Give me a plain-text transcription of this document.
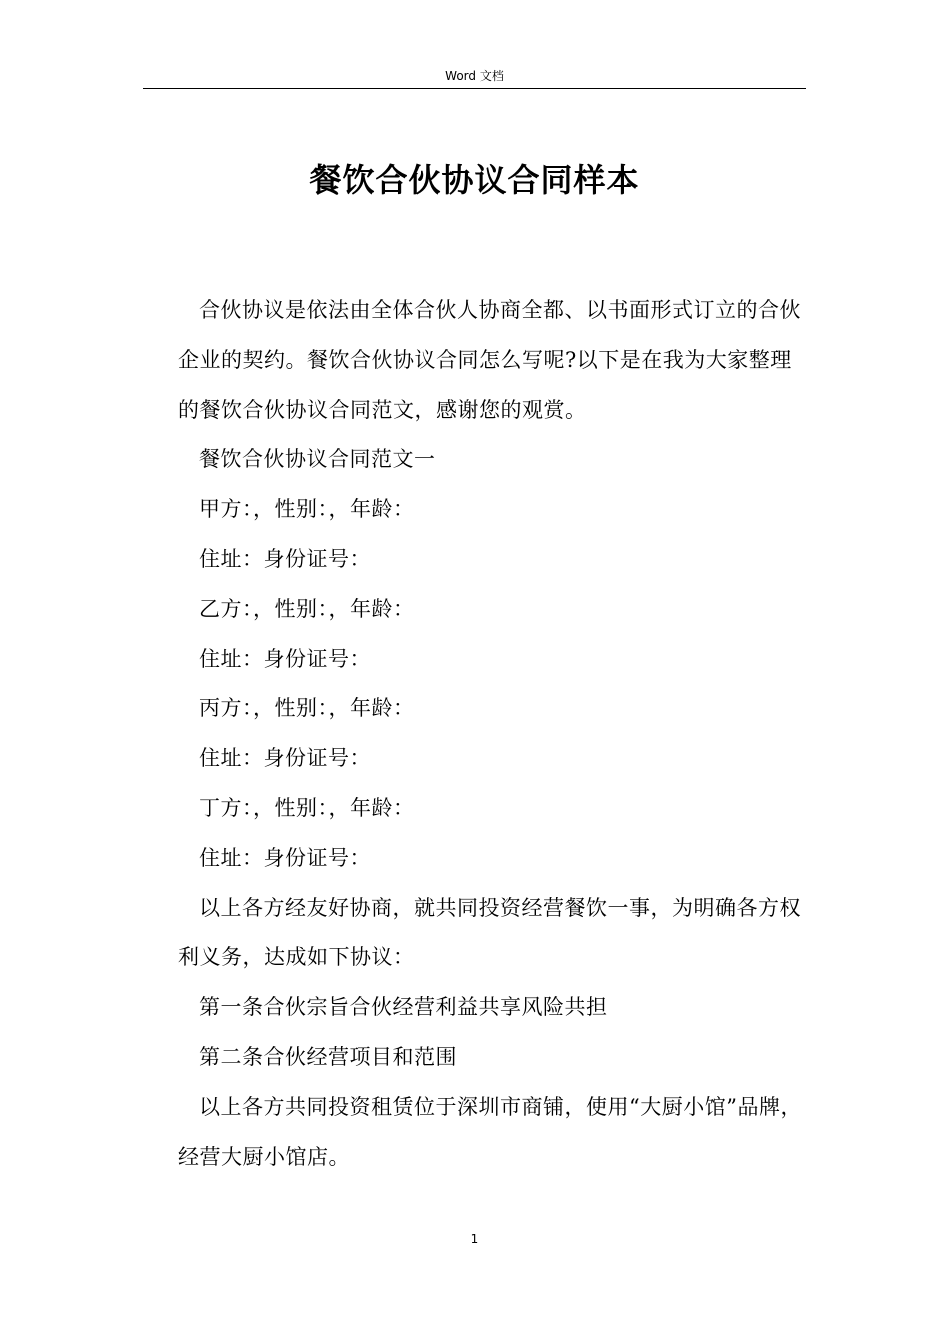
Word 文档
餐饮合伙协议合同样本

合伙协议是依法由全体合伙人协商全都、以书面形式订立的合伙企业的契约。餐饮合伙协议合同怎么写呢?以下是在我为大家整理的餐饮合伙协议合同范文，感谢您的观赏。

餐饮合伙协议合同范文一

甲方：，性别：，年龄：

住址：身份证号：

乙方：，性别：，年龄：

住址：身份证号：

丙方：，性别：，年龄：

住址：身份证号：

丁方：，性别：，年龄：

住址：身份证号：

以上各方经友好协商，就共同投资经营餐饮一事，为明确各方权利义务，达成如下协议：

第一条合伙宗旨合伙经营利益共享风险共担

第二条合伙经营项目和范围

以上各方共同投资租赁位于深圳市商铺，使用“大厨小馆”品牌，经营大厨小馆店。

1
